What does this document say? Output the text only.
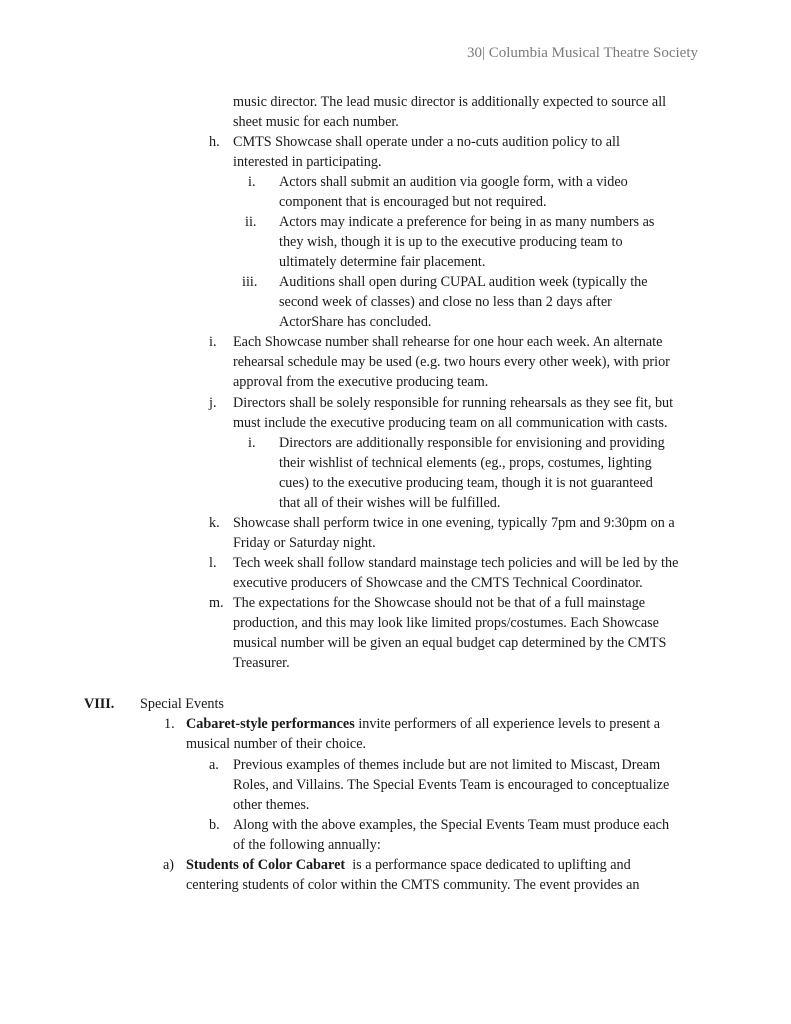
30| Columbia Musical Theatre Society
music director. The lead music director is additionally expected to source all
sheet music for each number.
h. CMTS Showcase shall operate under a no-cuts audition policy to all
interested in participating.
i. Actors shall submit an audition via google form, with a video
component that is encouraged but not required.
ii. Actors may indicate a preference for being in as many numbers as
they wish, though it is up to the executive producing team to
ultimately determine fair placement.
iii. Auditions shall open during CUPAL audition week (typically the
second week of classes) and close no less than 2 days after
ActorShare has concluded.
i. Each Showcase number shall rehearse for one hour each week. An alternate
rehearsal schedule may be used (e.g. two hours every other week), with prior
approval from the executive producing team.
j. Directors shall be solely responsible for running rehearsals as they see fit, but
must include the executive producing team on all communication with casts.
i. Directors are additionally responsible for envisioning and providing
their wishlist of technical elements (eg., props, costumes, lighting
cues) to the executive producing team, though it is not guaranteed
that all of their wishes will be fulfilled.
k. Showcase shall perform twice in one evening, typically 7pm and 9:30pm on a
Friday or Saturday night.
l. Tech week shall follow standard mainstage tech policies and will be led by the
executive producers of Showcase and the CMTS Technical Coordinator.
m. The expectations for the Showcase should not be that of a full mainstage
production, and this may look like limited props/costumes. Each Showcase
musical number will be given an equal budget cap determined by the CMTS
Treasurer.
VIII. Special Events
1. Cabaret-style performances invite performers of all experience levels to present a
musical number of their choice.
a. Previous examples of themes include but are not limited to Miscast, Dream
Roles, and Villains. The Special Events Team is encouraged to conceptualize
other themes.
b. Along with the above examples, the Special Events Team must produce each
of the following annually:
a) Students of Color Cabaret  is a performance space dedicated to uplifting and
centering students of color within the CMTS community. The event provides an
